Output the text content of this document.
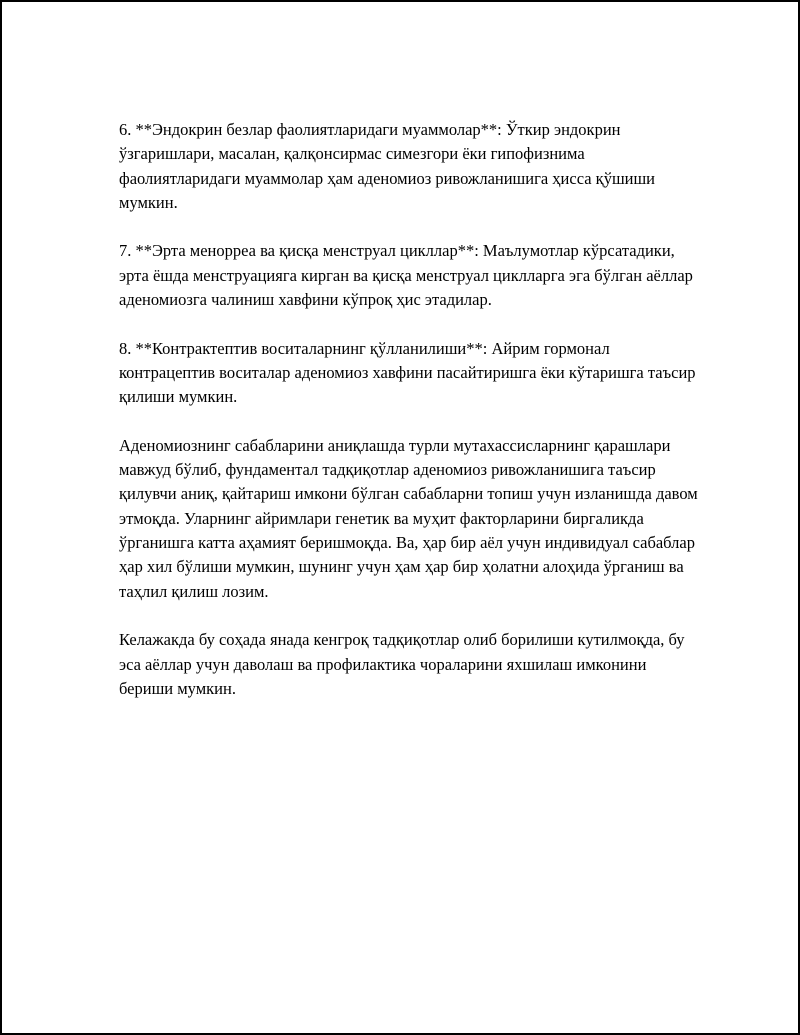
6. **Эндокрин безлар фаолиятларидаги муаммолар**: Ўткир эндокрин ўзгаришлари, масалан, қалқонсирмас симезгори ёки гипофизнима фаолиятларидаги муаммолар ҳам аденомиоз ривожланишига ҳисса қўшиши мумкин.

7. **Эрта менорреа ва қисқа менструал цикллар**: Маълумотлар кўрсатадики, эрта ёшда менструацияга кирган ва қисқа менструал циклларга эга бўлган аёллар аденомиозга чалиниш хавфини кўпроқ ҳис этадилар.

8. **Контрактептив воситаларнинг қўлланилиши**: Айрим гормонал контрацептив воситалар аденомиоз хавфини пасайтиришга ёки кўтаришга таъсир қилиши мумкин.

Аденомиознинг сабабларини аниқлашда турли мутахассисларнинг қарашлари мавжуд бўлиб, фундаментал тадқиқотлар аденомиоз ривожланишига таъсир қилувчи аниқ, қайтариш имкони бўлган сабабларни топиш учун изланишда давом этмоқда. Уларнинг айримлари генетик ва муҳит факторларини биргаликда ўрганишга катта аҳамият беришмоқда. Ва, ҳар бир аёл учун индивидуал сабаблар ҳар хил бўлиши мумкин, шунинг учун ҳам ҳар бир ҳолатни алоҳида ўрганиш ва таҳлил қилиш лозим.

Келажакда бу соҳада янада кенгроқ тадқиқотлар олиб борилиши кутилмоқда, бу эса аёллар учун даволаш ва профилактика чораларини яхшилаш имконини бериши мумкин.
